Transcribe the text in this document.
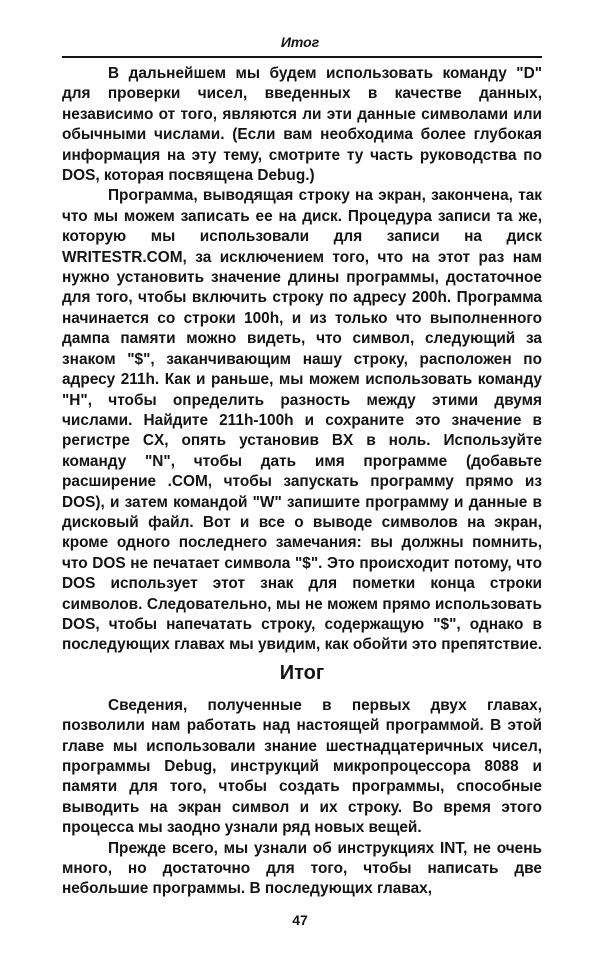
Итог

В дальнейшем мы будем использовать команду "D" для проверки чисел, введенных в качестве данных, независимо от того, являются ли эти данные символами или обычными числами. (Если вам необходима более глубокая информация на эту тему, смотрите ту часть руководства по DOS, которая посвящена Debug.)

Программа, выводящая строку на экран, закончена, так что мы можем записать ее на диск. Процедура записи та же, которую мы использовали для записи на диск WRITESTR.COM, за исключением того, что на этот раз нам нужно установить значение длины программы, достаточное для того, чтобы включить строку по адресу 200h. Программа начинается со строки 100h, и из только что выполненного дампа памяти можно видеть, что символ, следующий за знаком "$", заканчивающим нашу строку, расположен по адресу 211h. Как и раньше, мы можем использовать команду "H", чтобы определить разность между этими двумя числами. Найдите 211h-100h и сохраните это значение в регистре CX, опять установив BX в ноль. Используйте команду "N", чтобы дать имя программе (добавьте расширение .COM, чтобы запускать программу прямо из DOS), и затем командой "W" запишите программу и данные в дисковый файл. Вот и все о выводе символов на экран, кроме одного последнего замечания: вы должны помнить, что DOS не печатает символа "$". Это происходит потому, что DOS использует этот знак для пометки конца строки символов. Следовательно, мы не можем прямо использовать DOS, чтобы напечатать строку, содержащую "$", однако в последующих главах мы увидим, как обойти это препятствие.

Итог

Сведения, полученные в первых двух главах, позволили нам работать над настоящей программой. В этой главе мы использовали знание шестнадцатеричных чисел, программы Debug, инструкций микропроцессора 8088 и памяти для того, чтобы создать программы, способные выводить на экран символ и их строку. Во время этого процесса мы заодно узнали ряд новых вещей.

Прежде всего, мы узнали об инструкциях INT, не очень много, но достаточно для того, чтобы написать две небольшие программы. В последующих главах,

47
